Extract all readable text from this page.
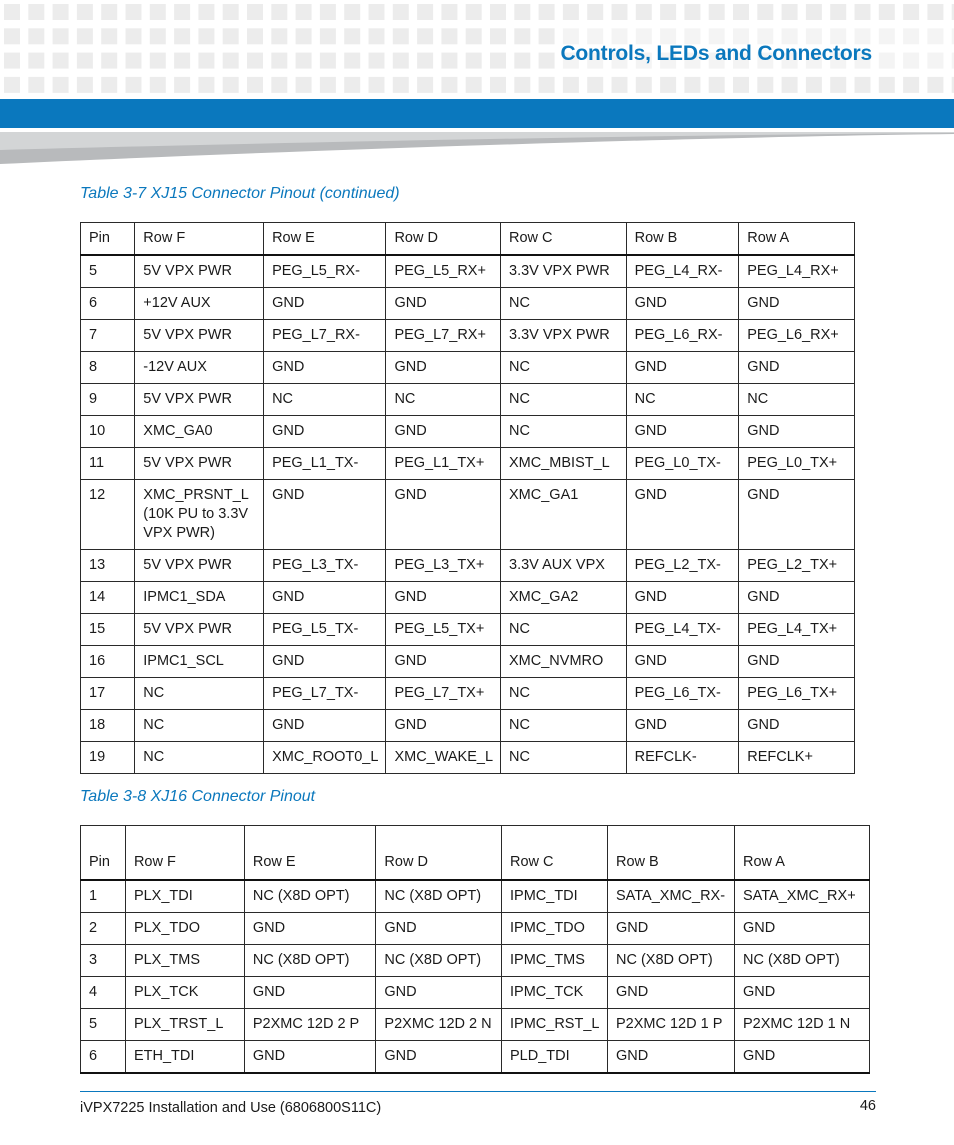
Controls, LEDs and Connectors
Table 3-7 XJ15 Connector Pinout (continued)
Pin	Row F	Row E	Row D	Row C	Row B	Row A
5	5V VPX PWR	PEG_L5_RX-	PEG_L5_RX+	3.3V VPX PWR	PEG_L4_RX-	PEG_L4_RX+
6	+12V AUX	GND	GND	NC	GND	GND
7	5V VPX PWR	PEG_L7_RX-	PEG_L7_RX+	3.3V VPX PWR	PEG_L6_RX-	PEG_L6_RX+
8	-12V AUX	GND	GND	NC	GND	GND
9	5V VPX PWR	NC	NC	NC	NC	NC
10	XMC_GA0	GND	GND	NC	GND	GND
11	5V VPX PWR	PEG_L1_TX-	PEG_L1_TX+	XMC_MBIST_L	PEG_L0_TX-	PEG_L0_TX+
12	XMC_PRSNT_L (10K PU to 3.3V VPX PWR)	GND	GND	XMC_GA1	GND	GND
13	5V VPX PWR	PEG_L3_TX-	PEG_L3_TX+	3.3V AUX VPX	PEG_L2_TX-	PEG_L2_TX+
14	IPMC1_SDA	GND	GND	XMC_GA2	GND	GND
15	5V VPX PWR	PEG_L5_TX-	PEG_L5_TX+	NC	PEG_L4_TX-	PEG_L4_TX+
16	IPMC1_SCL	GND	GND	XMC_NVMRO	GND	GND
17	NC	PEG_L7_TX-	PEG_L7_TX+	NC	PEG_L6_TX-	PEG_L6_TX+
18	NC	GND	GND	NC	GND	GND
19	NC	XMC_ROOT0_L	XMC_WAKE_L	NC	REFCLK-	REFCLK+
Table 3-8 XJ16 Connector Pinout
Pin	Row F	Row E	Row D	Row C	Row B	Row A
1	PLX_TDI	NC (X8D OPT)	NC (X8D OPT)	IPMC_TDI	SATA_XMC_RX-	SATA_XMC_RX+
2	PLX_TDO	GND	GND	IPMC_TDO	GND	GND
3	PLX_TMS	NC (X8D OPT)	NC (X8D OPT)	IPMC_TMS	NC (X8D OPT)	NC (X8D OPT)
4	PLX_TCK	GND	GND	IPMC_TCK	GND	GND
5	PLX_TRST_L	P2XMC 12D 2 P	P2XMC 12D 2 N	IPMC_RST_L	P2XMC 12D 1 P	P2XMC 12D 1 N
6	ETH_TDI	GND	GND	PLD_TDI	GND	GND
iVPX7225 Installation and Use (6806800S11C)	46
